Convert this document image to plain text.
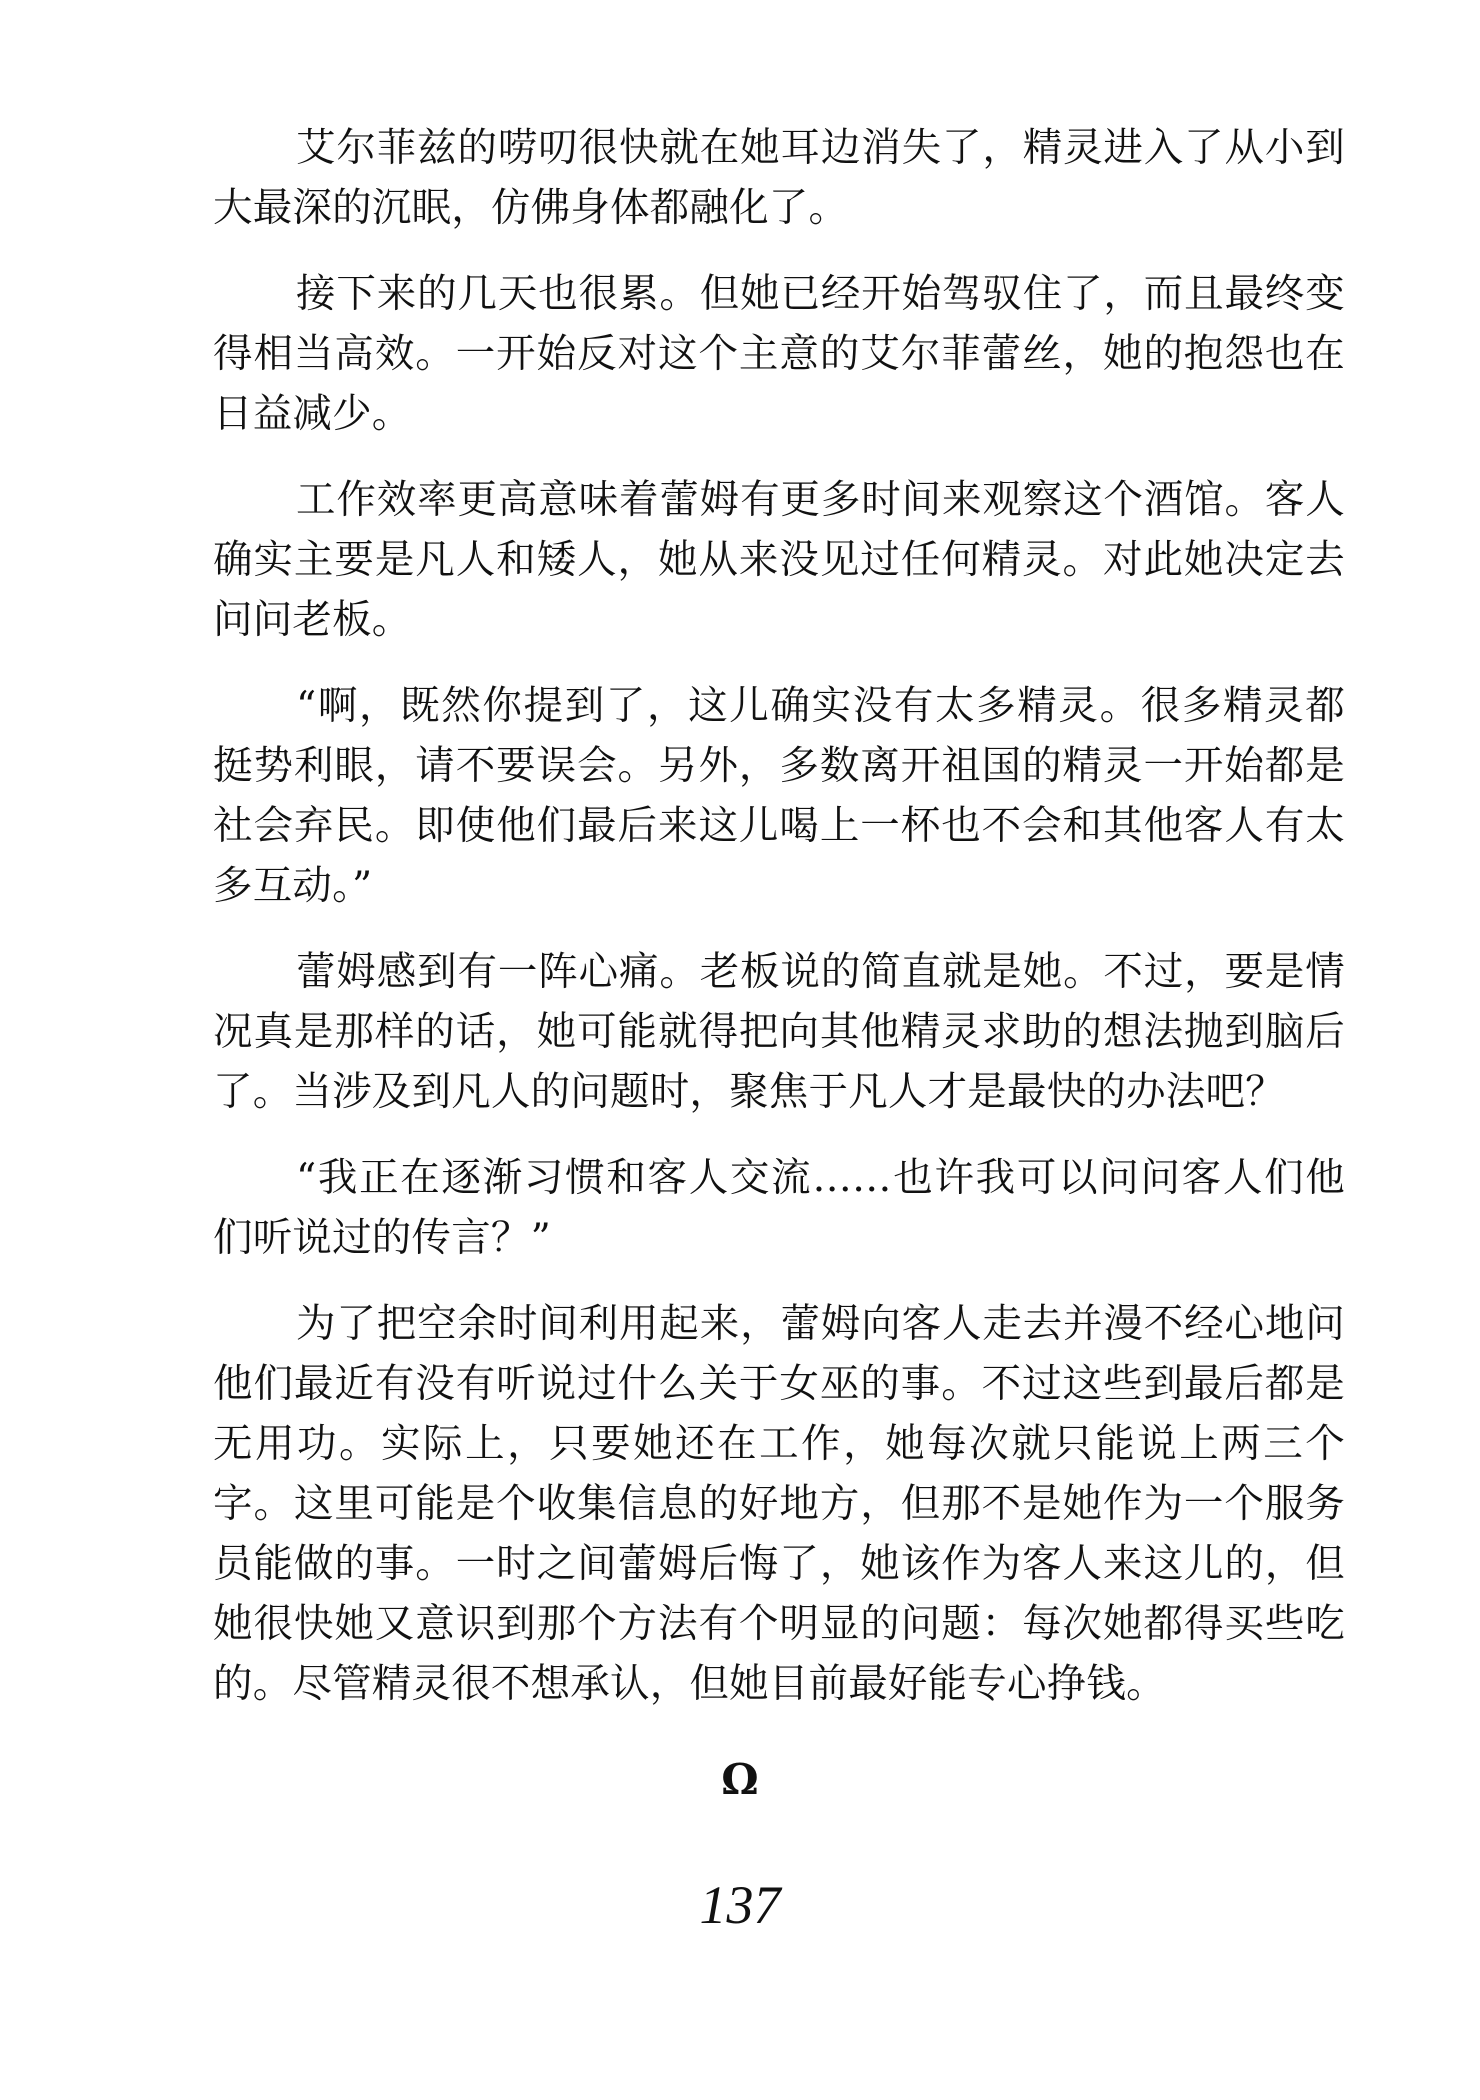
艾尔菲兹的唠叨很快就在她耳边消失了，精灵进入了从小到大最深的沉眠，仿佛身体都融化了。

接下来的几天也很累。但她已经开始驾驭住了，而且最终变得相当高效。一开始反对这个主意的艾尔菲蕾丝，她的抱怨也在日益减少。

工作效率更高意味着蕾姆有更多时间来观察这个酒馆。客人确实主要是凡人和矮人，她从来没见过任何精灵。对此她决定去问问老板。

“啊，既然你提到了，这儿确实没有太多精灵。很多精灵都挺势利眼，请不要误会。另外，多数离开祖国的精灵一开始都是社会弃民。即使他们最后来这儿喝上一杯也不会和其他客人有太多互动。”

蕾姆感到有一阵心痛。老板说的简直就是她。不过，要是情况真是那样的话，她可能就得把向其他精灵求助的想法抛到脑后了。当涉及到凡人的问题时，聚焦于凡人才是最快的办法吧？

“我正在逐渐习惯和客人交流……也许我可以问问客人们他们听说过的传言？”

为了把空余时间利用起来，蕾姆向客人走去并漫不经心地问他们最近有没有听说过什么关于女巫的事。不过这些到最后都是无用功。实际上，只要她还在工作，她每次就只能说上两三个字。这里可能是个收集信息的好地方，但那不是她作为一个服务员能做的事。一时之间蕾姆后悔了，她该作为客人来这儿的，但她很快她又意识到那个方法有个明显的问题：每次她都得买些吃的。尽管精灵很不想承认，但她目前最好能专心挣钱。

Ω
137
